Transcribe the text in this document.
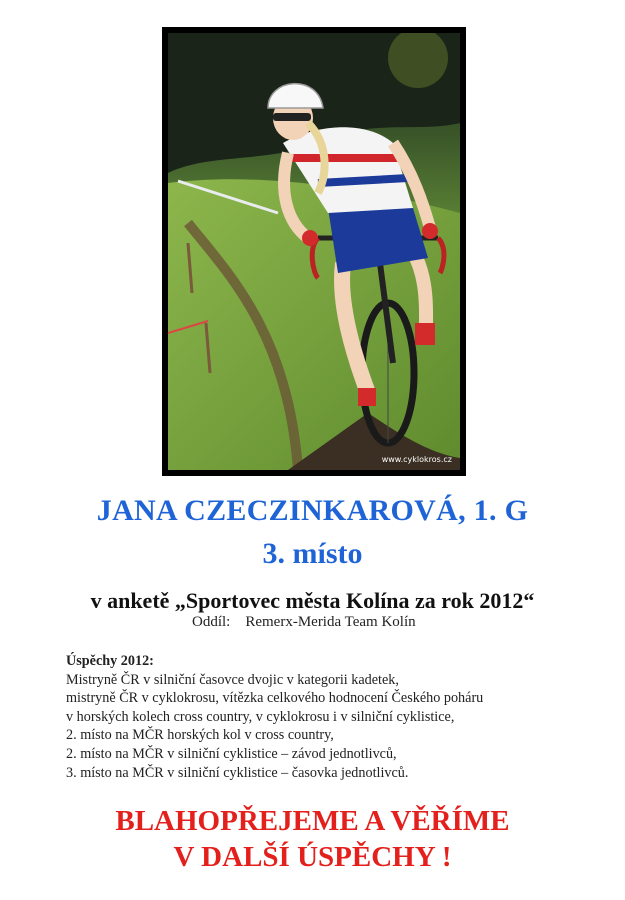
www.cyklokros.cz
JANA CZECZINKAROVÁ, 1. G
3. místo
v anketě „Sportovec města Kolína za rok 2012“
Oddíl: Remerx-Merida Team Kolín
Úspěchy 2012:
Mistryně ČR v silniční časovce dvojic v kategorii kadetek,
mistryně ČR v cyklokrosu, vítězka celkového hodnocení Českého poháru
v horských kolech cross country, v cyklokrosu i v silniční cyklistice,
2. místo na MČR horských kol v cross country,
2. místo na MČR v silniční cyklistice – závod jednotlivců,
3. místo na MČR v silniční cyklistice – časovka jednotlivců.
BLAHOPŘEJEME A VĚŘÍME
V DALŠÍ ÚSPĚCHY !
